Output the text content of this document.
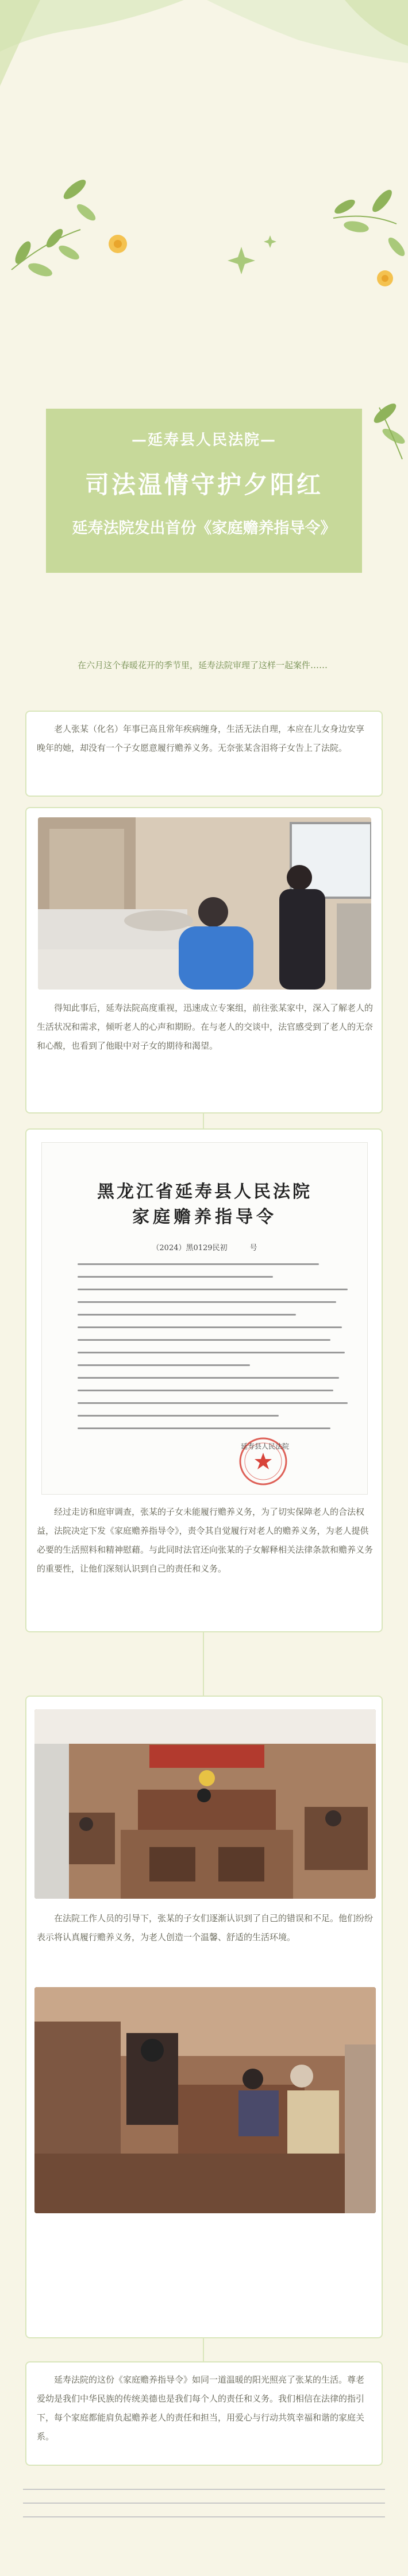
—延寿县人民法院—
司法温情守护夕阳红
延寿法院发出首份《家庭赡养指导令》
在六月这个春暖花开的季节里，延寿法院审理了这样一起案件……

老人张某（化名）年事已高且常年疾病缠身，生活无法自理，本应在儿女身边安享晚年的她，却没有一个子女愿意履行赡养义务。无奈张某含泪将子女告上了法院。

得知此事后，延寿法院高度重视，迅速成立专案组，前往张某家中，深入了解老人的生活状况和需求，倾听老人的心声和期盼。在与老人的交谈中，法官感受到了老人的无奈和心酸，也看到了他眼中对子女的期待和渴望。

黑龙江省延寿县人民法院
家庭赡养指导令
（2024）黑0129民初　　　号
延寿县人民法院

经过走访和庭审调查，张某的子女未能履行赡养义务，为了切实保障老人的合法权益，法院决定下发《家庭赡养指导令》，责令其自觉履行对老人的赡养义务，为老人提供必要的生活照料和精神慰藉。与此同时法官还向张某的子女解释相关法律条款和赡养义务的重要性，让他们深刻认识到自己的责任和义务。

在法院工作人员的引导下，张某的子女们逐渐认识到了自己的错误和不足。他们纷纷表示将认真履行赡养义务，为老人创造一个温馨、舒适的生活环境。

延寿法院的这份《家庭赡养指导令》如同一道温暖的阳光照亮了张某的生活。尊老爱幼是我们中华民族的传统美德也是我们每个人的责任和义务。我们相信在法律的指引下，每个家庭都能肩负起赡养老人的责任和担当，用爱心与行动共筑幸福和谐的家庭关系。
